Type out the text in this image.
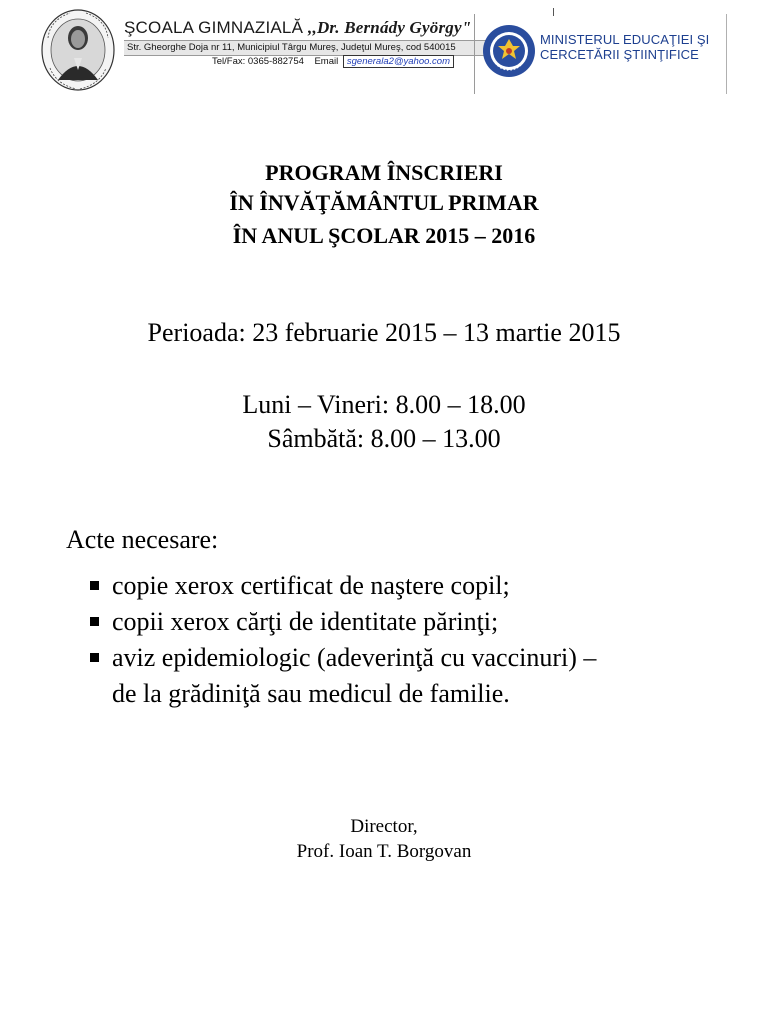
ŞCOALA GIMNAZIALĂ ,,Dr. Bernády György"
Str. Gheorghe Doja nr 11, Municipiul Târgu Mureş, Judeţul Mureş, cod 540015
Tel/Fax: 0365-882754 Email sgenerala2@yahoo.com
MINISTERUL EDUCAŢIEI ŞI
CERCETĂRII ŞTIINŢIFICE
PROGRAM ÎNSCRIERI
ÎN ÎNVĂŢĂMÂNTUL PRIMAR
ÎN ANUL ŞCOLAR 2015 – 2016
Perioada: 23 februarie 2015 – 13 martie 2015
Luni – Vineri: 8.00 – 18.00
Sâmbătă: 8.00 – 13.00
Acte necesare:
copie xerox certificat de naştere copil;
copii xerox cărţi de identitate părinţi;
aviz epidemiologic (adeverinţă cu vaccinuri) –
de la grădiniţă sau medicul de familie.
Director,
Prof. Ioan T. Borgovan
